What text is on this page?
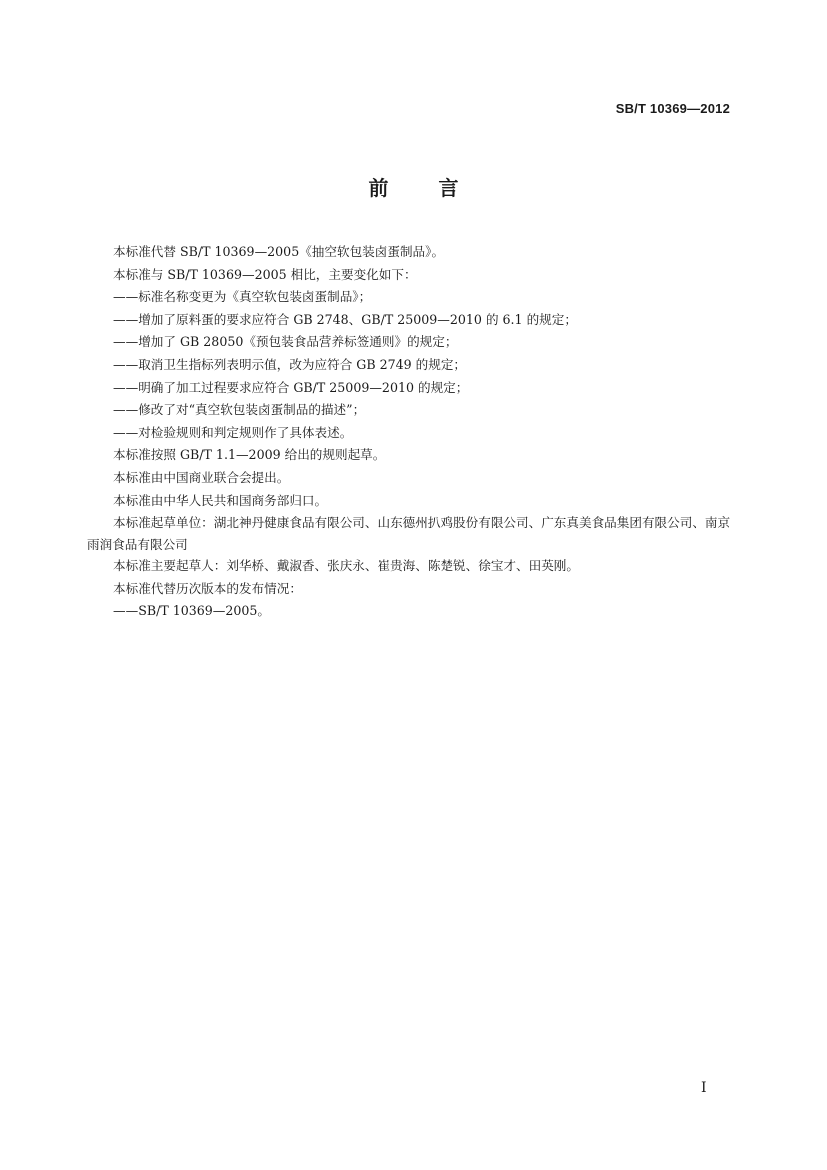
SB/T 10369—2012
前言

本标准代替 SB/T 10369—2005《抽空软包装卤蛋制品》。

本标准与 SB/T 10369—2005 相比，主要变化如下：

——标准名称变更为《真空软包装卤蛋制品》；

——增加了原料蛋的要求应符合 GB 2748、GB/T 25009—2010 的 6.1 的规定；

——增加了 GB 28050《预包装食品营养标签通则》的规定；

——取消卫生指标列表明示值，改为应符合 GB 2749 的规定；

——明确了加工过程要求应符合 GB/T 25009—2010 的规定；

——修改了对“真空软包装卤蛋制品的描述”；

——对检验规则和判定规则作了具体表述。

本标准按照 GB/T 1.1—2009 给出的规则起草。

本标准由中国商业联合会提出。

本标准由中华人民共和国商务部归口。

本标准起草单位：湖北神丹健康食品有限公司、山东德州扒鸡股份有限公司、广东真美食品集团有限公司、南京雨润食品有限公司

本标准主要起草人：刘华桥、戴淑香、张庆永、崔贵海、陈楚锐、徐宝才、田英刚。

本标准代替历次版本的发布情况：

——SB/T 10369—2005。

I
